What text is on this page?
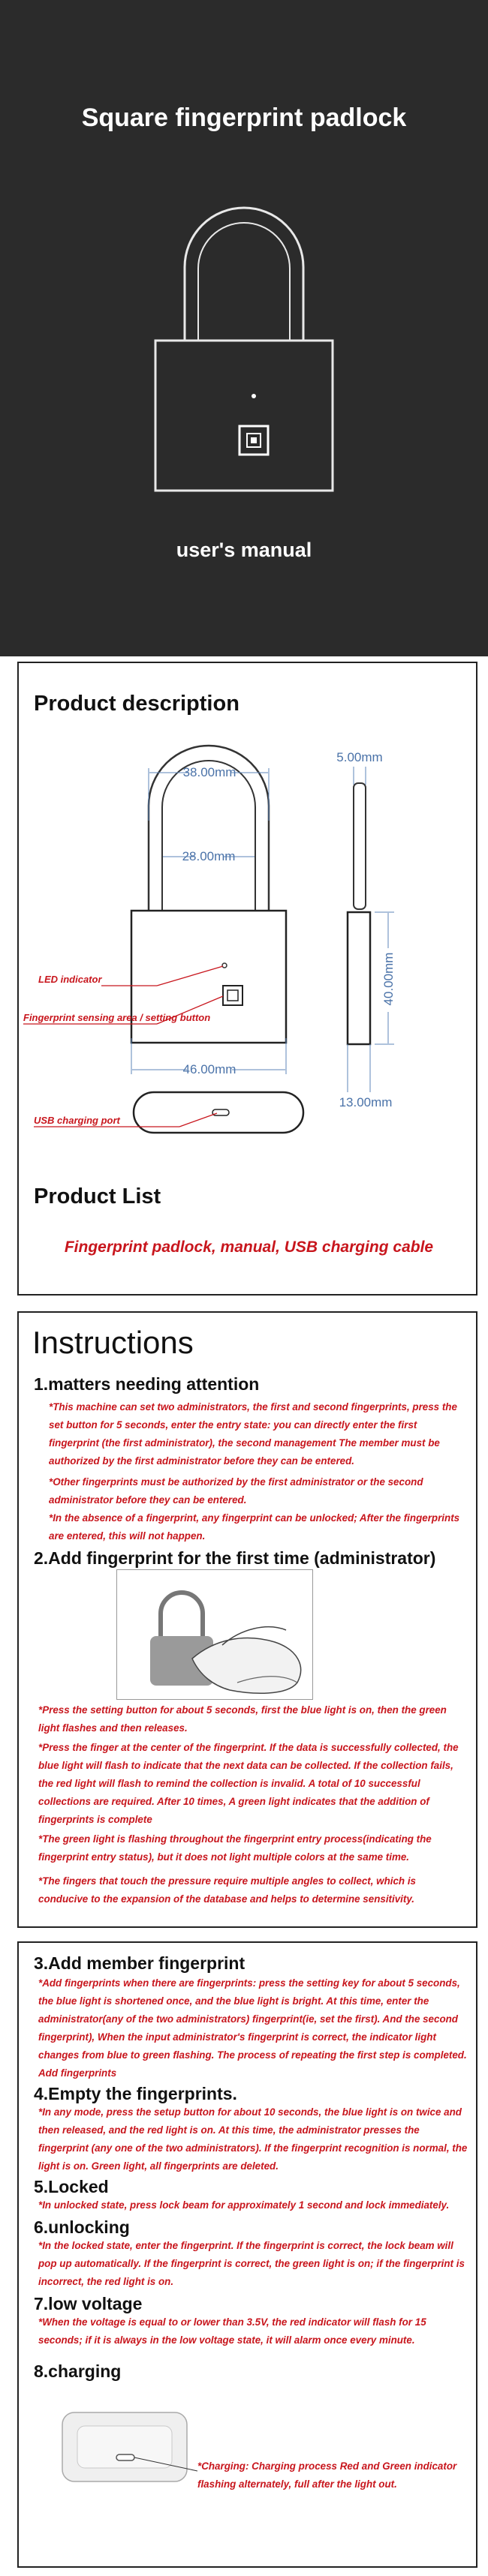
Square fingerprint padlock
user's manual
Product description
38.00mm
28.00mm
46.00mm
5.00mm
40.00mm
13.00mm
LED indicator
Fingerprint sensing area / setting button
USB charging port
Product List
Fingerprint padlock, manual, USB charging cable
Instructions
1.matters needing attention
*This machine can set two administrators, the first and second fingerprints, press the set button for 5 seconds, enter the entry state: you can directly enter the first fingerprint (the first administrator), the second management The member must be authorized by the first administrator before they can be entered.
*Other fingerprints must be authorized by the first administrator or the second administrator before they can be entered.
*In the absence of a fingerprint, any fingerprint can be unlocked; After the fingerprints are entered, this will not happen.
2.Add fingerprint for the first time (administrator)
*Press the setting button for about 5 seconds, first the blue light is on, then the green light flashes and then releases.
*Press the finger at the center of the fingerprint. If the data is successfully collected, the blue light will flash to indicate that the next data can be collected. If the collection fails, the red light will flash to remind the collection is invalid. A total of 10 successful collections are required. After 10 times, A green light indicates that the addition of fingerprints is complete
*The green light is flashing throughout the fingerprint entry process(indicating the fingerprint entry status), but it does not light multiple colors at the same time.
*The fingers that touch the pressure require multiple angles to collect, which is conducive to the expansion of the database and helps to determine sensitivity.
3.Add member fingerprint
*Add fingerprints when there are fingerprints: press the setting key for about 5 seconds, the blue light is shortened once, and the blue light is bright. At this time, enter the administrator(any of the two administrators) fingerprint(ie, set the first). And the second fingerprint), When the input administrator's fingerprint is correct, the indicator light changes from blue to green flashing. The process of repeating the first step is completed. Add fingerprints
4.Empty the fingerprints.
*In any mode, press the setup button for about 10 seconds, the blue light is on twice and then released, and the red light is on. At this time, the administrator presses the fingerprint (any one of the two administrators). If the fingerprint recognition is normal, the light is on. Green light, all fingerprints are deleted.
5.Locked
*In unlocked state, press lock beam for approximately 1 second and lock immediately.
6.unlocking
*In the locked state, enter the fingerprint. If the fingerprint is correct, the lock beam will pop up automatically. If the fingerprint is correct, the green light is on; if the fingerprint is incorrect, the red light is on.
7.low voltage
*When the voltage is equal to or lower than 3.5V, the red indicator will flash for 15 seconds; if it is always in the low voltage state, it will alarm once every minute.
8.charging
*Charging: Charging process Red and Green indicator flashing alternately, full after the light out.
